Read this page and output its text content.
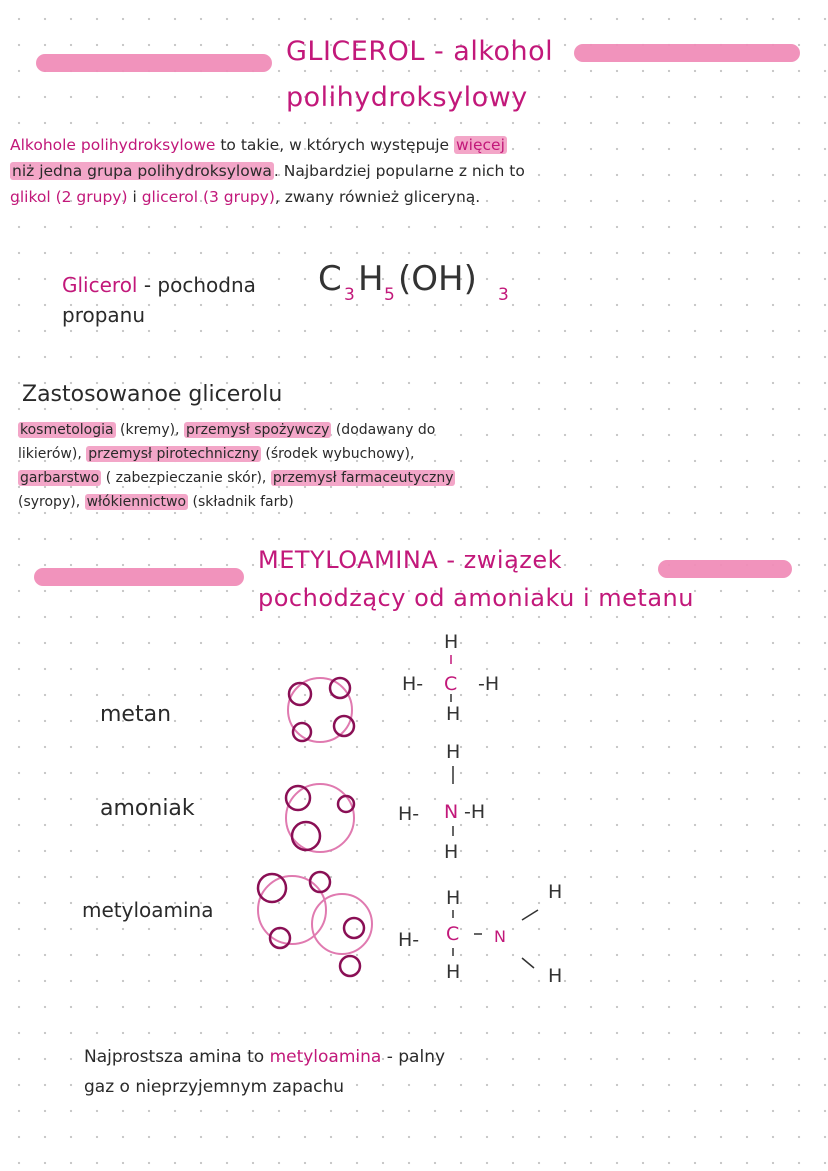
GLICEROL - alkohol
polihydroksylowy
Alkohole polihydroksylowe to takie, w których występuje więcej
niż jedna grupa polihydroksylowa . Najbardziej popularne z nich to
glikol (2 grupy) i glicerol (3 grupy), zwany również gliceryną.
Glicerol - pochodna
propanu
C 3 H 5 (OH) 3
Zastosowanoe glicerolu
kosmetologia (kremy), przemysł spożywczy (dodawany do
likierów), przemysł pirotechniczny (środek wybuchowy),
garbarstwo ( zabezpieczanie skór), przemysł farmaceutyczny
(syropy), włókiennictwo (składnik farb)
METYLOAMINA - związek
pochodzący od amoniaku i metanu
metan
amoniak
metyloamina
H
H- C -H
H
H
H- N -H
H
H
H- C N
H
H
H
Najprostsza amina to metyloamina - palny
gaz o nieprzyjemnym zapachu
